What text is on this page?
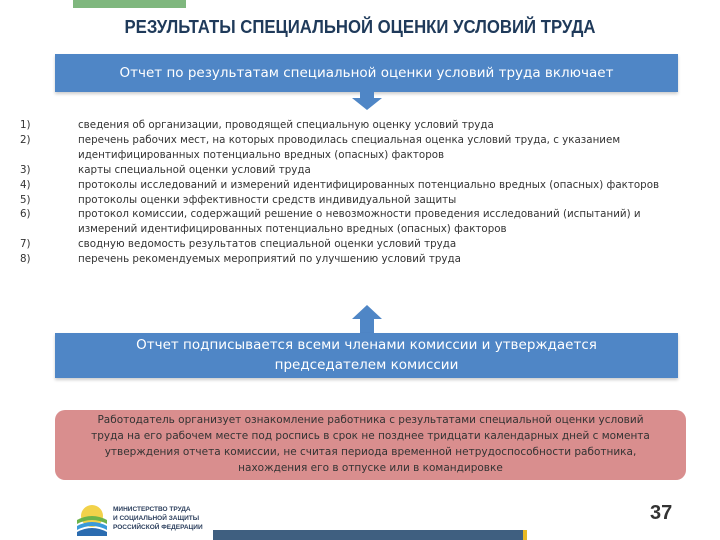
РЕЗУЛЬТАТЫ СПЕЦИАЛЬНОЙ ОЦЕНКИ УСЛОВИЙ ТРУДА
Отчет по результатам специальной оценки условий труда включает
1)	сведения об организации, проводящей специальную оценку условий труда
2)	перечень рабочих мест, на которых проводилась специальная оценка условий труда, с указанием идентифицированных потенциально вредных (опасных) факторов
3)	карты специальной оценки условий труда
4)	протоколы исследований и измерений идентифицированных потенциально вредных (опасных) факторов
5)	протоколы оценки эффективности средств индивидуальной защиты
6)	протокол комиссии, содержащий решение о невозможности проведения исследований (испытаний) и измерений идентифицированных потенциально вредных (опасных) факторов
7)	сводную ведомость результатов специальной оценки условий труда
8)	перечень рекомендуемых мероприятий по улучшению условий труда
Отчет подписывается всеми членами комиссии и утверждается
председателем комиссии
Работодатель организует ознакомление работника с результатами специальной оценки условий
труда на его рабочем месте под роспись в срок не позднее тридцати календарных дней с момента
утверждения отчета комиссии, не считая периода временной нетрудоспособности работника,
нахождения его в отпуске или в командировке
МИНИСТЕРСТВО ТРУДА
И СОЦИАЛЬНОЙ ЗАЩИТЫ
РОССИЙСКОЙ ФЕДЕРАЦИИ
37
